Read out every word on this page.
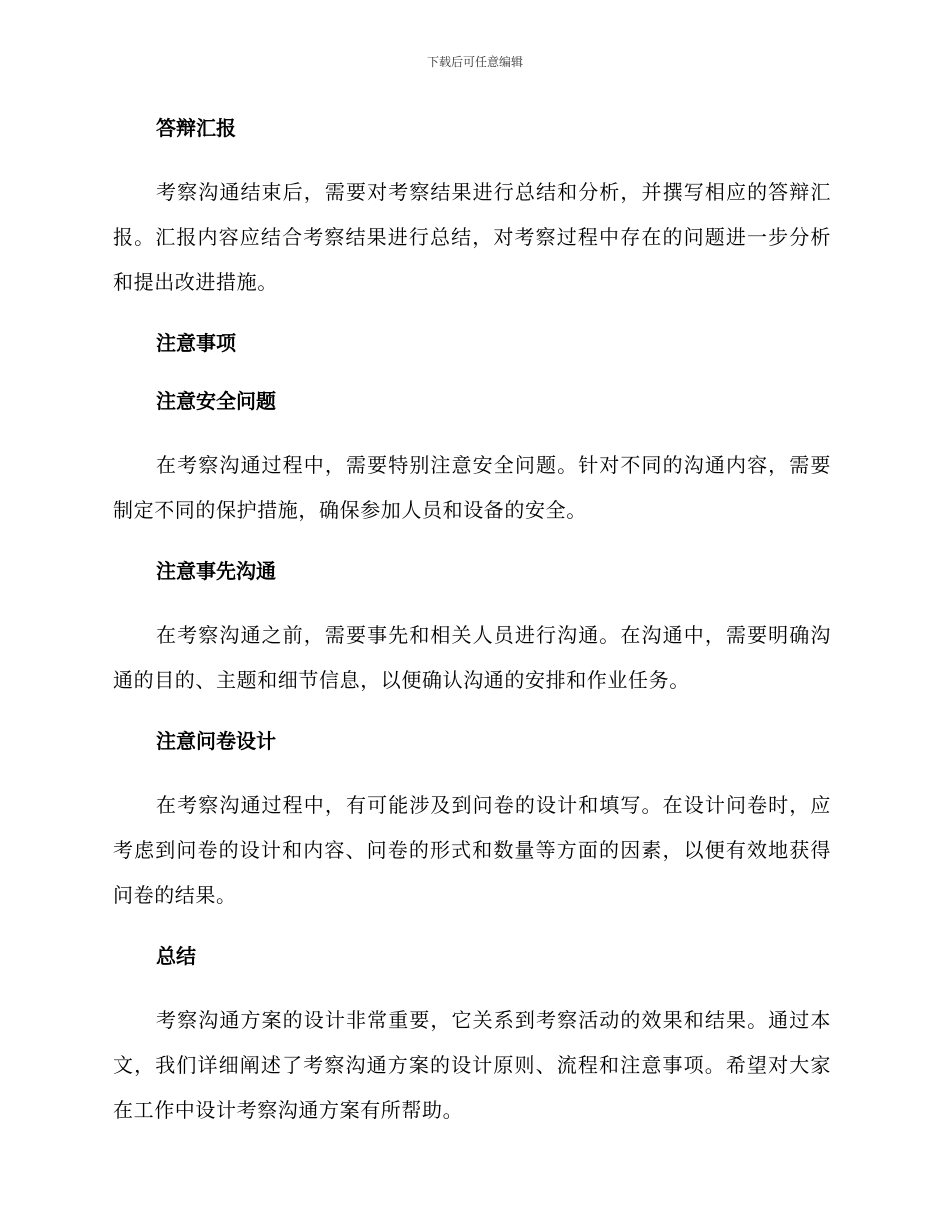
下载后可任意编辑
答辩汇报

考察沟通结束后，需要对考察结果进行总结和分析，并撰写相应的答辩汇报。汇报内容应结合考察结果进行总结，对考察过程中存在的问题进一步分析和提出改进措施。

注意事项
注意安全问题

在考察沟通过程中，需要特别注意安全问题。针对不同的沟通内容，需要制定不同的保护措施，确保参加人员和设备的安全。

注意事先沟通

在考察沟通之前，需要事先和相关人员进行沟通。在沟通中，需要明确沟通的目的、主题和细节信息，以便确认沟通的安排和作业任务。

注意问卷设计

在考察沟通过程中，有可能涉及到问卷的设计和填写。在设计问卷时，应考虑到问卷的设计和内容、问卷的形式和数量等方面的因素，以便有效地获得问卷的结果。

总结

考察沟通方案的设计非常重要，它关系到考察活动的效果和结果。通过本文，我们详细阐述了考察沟通方案的设计原则、流程和注意事项。希望对大家在工作中设计考察沟通方案有所帮助。
